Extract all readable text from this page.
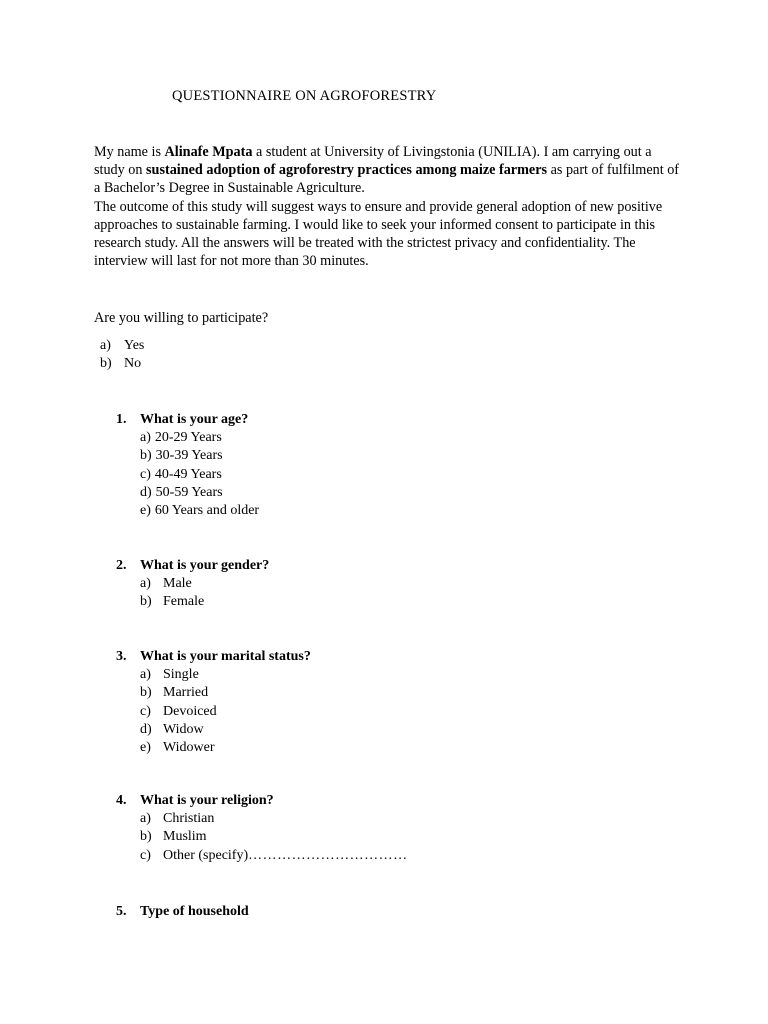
QUESTIONNAIRE ON AGROFORESTRY

My name is Alinafe Mpata a student at University of Livingstonia (UNILIA). I am carrying out a study on sustained adoption of agroforestry practices among maize farmers as part of fulfilment of a Bachelor’s Degree in Sustainable Agriculture.

The outcome of this study will suggest ways to ensure and provide general adoption of new positive approaches to sustainable farming. I would like to seek your informed consent to participate in this research study. All the answers will be treated with the strictest privacy and confidentiality. The interview will last for not more than 30 minutes.

Are you willing to participate?
a) Yes
b) No
1. What is your age?
a) 20-29 Years
b) 30-39 Years
c) 40-49 Years
d) 50-59 Years
e) 60 Years and older
2. What is your gender?
a) Male
b) Female
3. What is your marital status?
a) Single
b) Married
c) Devoiced
d) Widow
e) Widower
4. What is your religion?
a) Christian
b) Muslim
c) Other (specify)……………………………
5. Type of household
